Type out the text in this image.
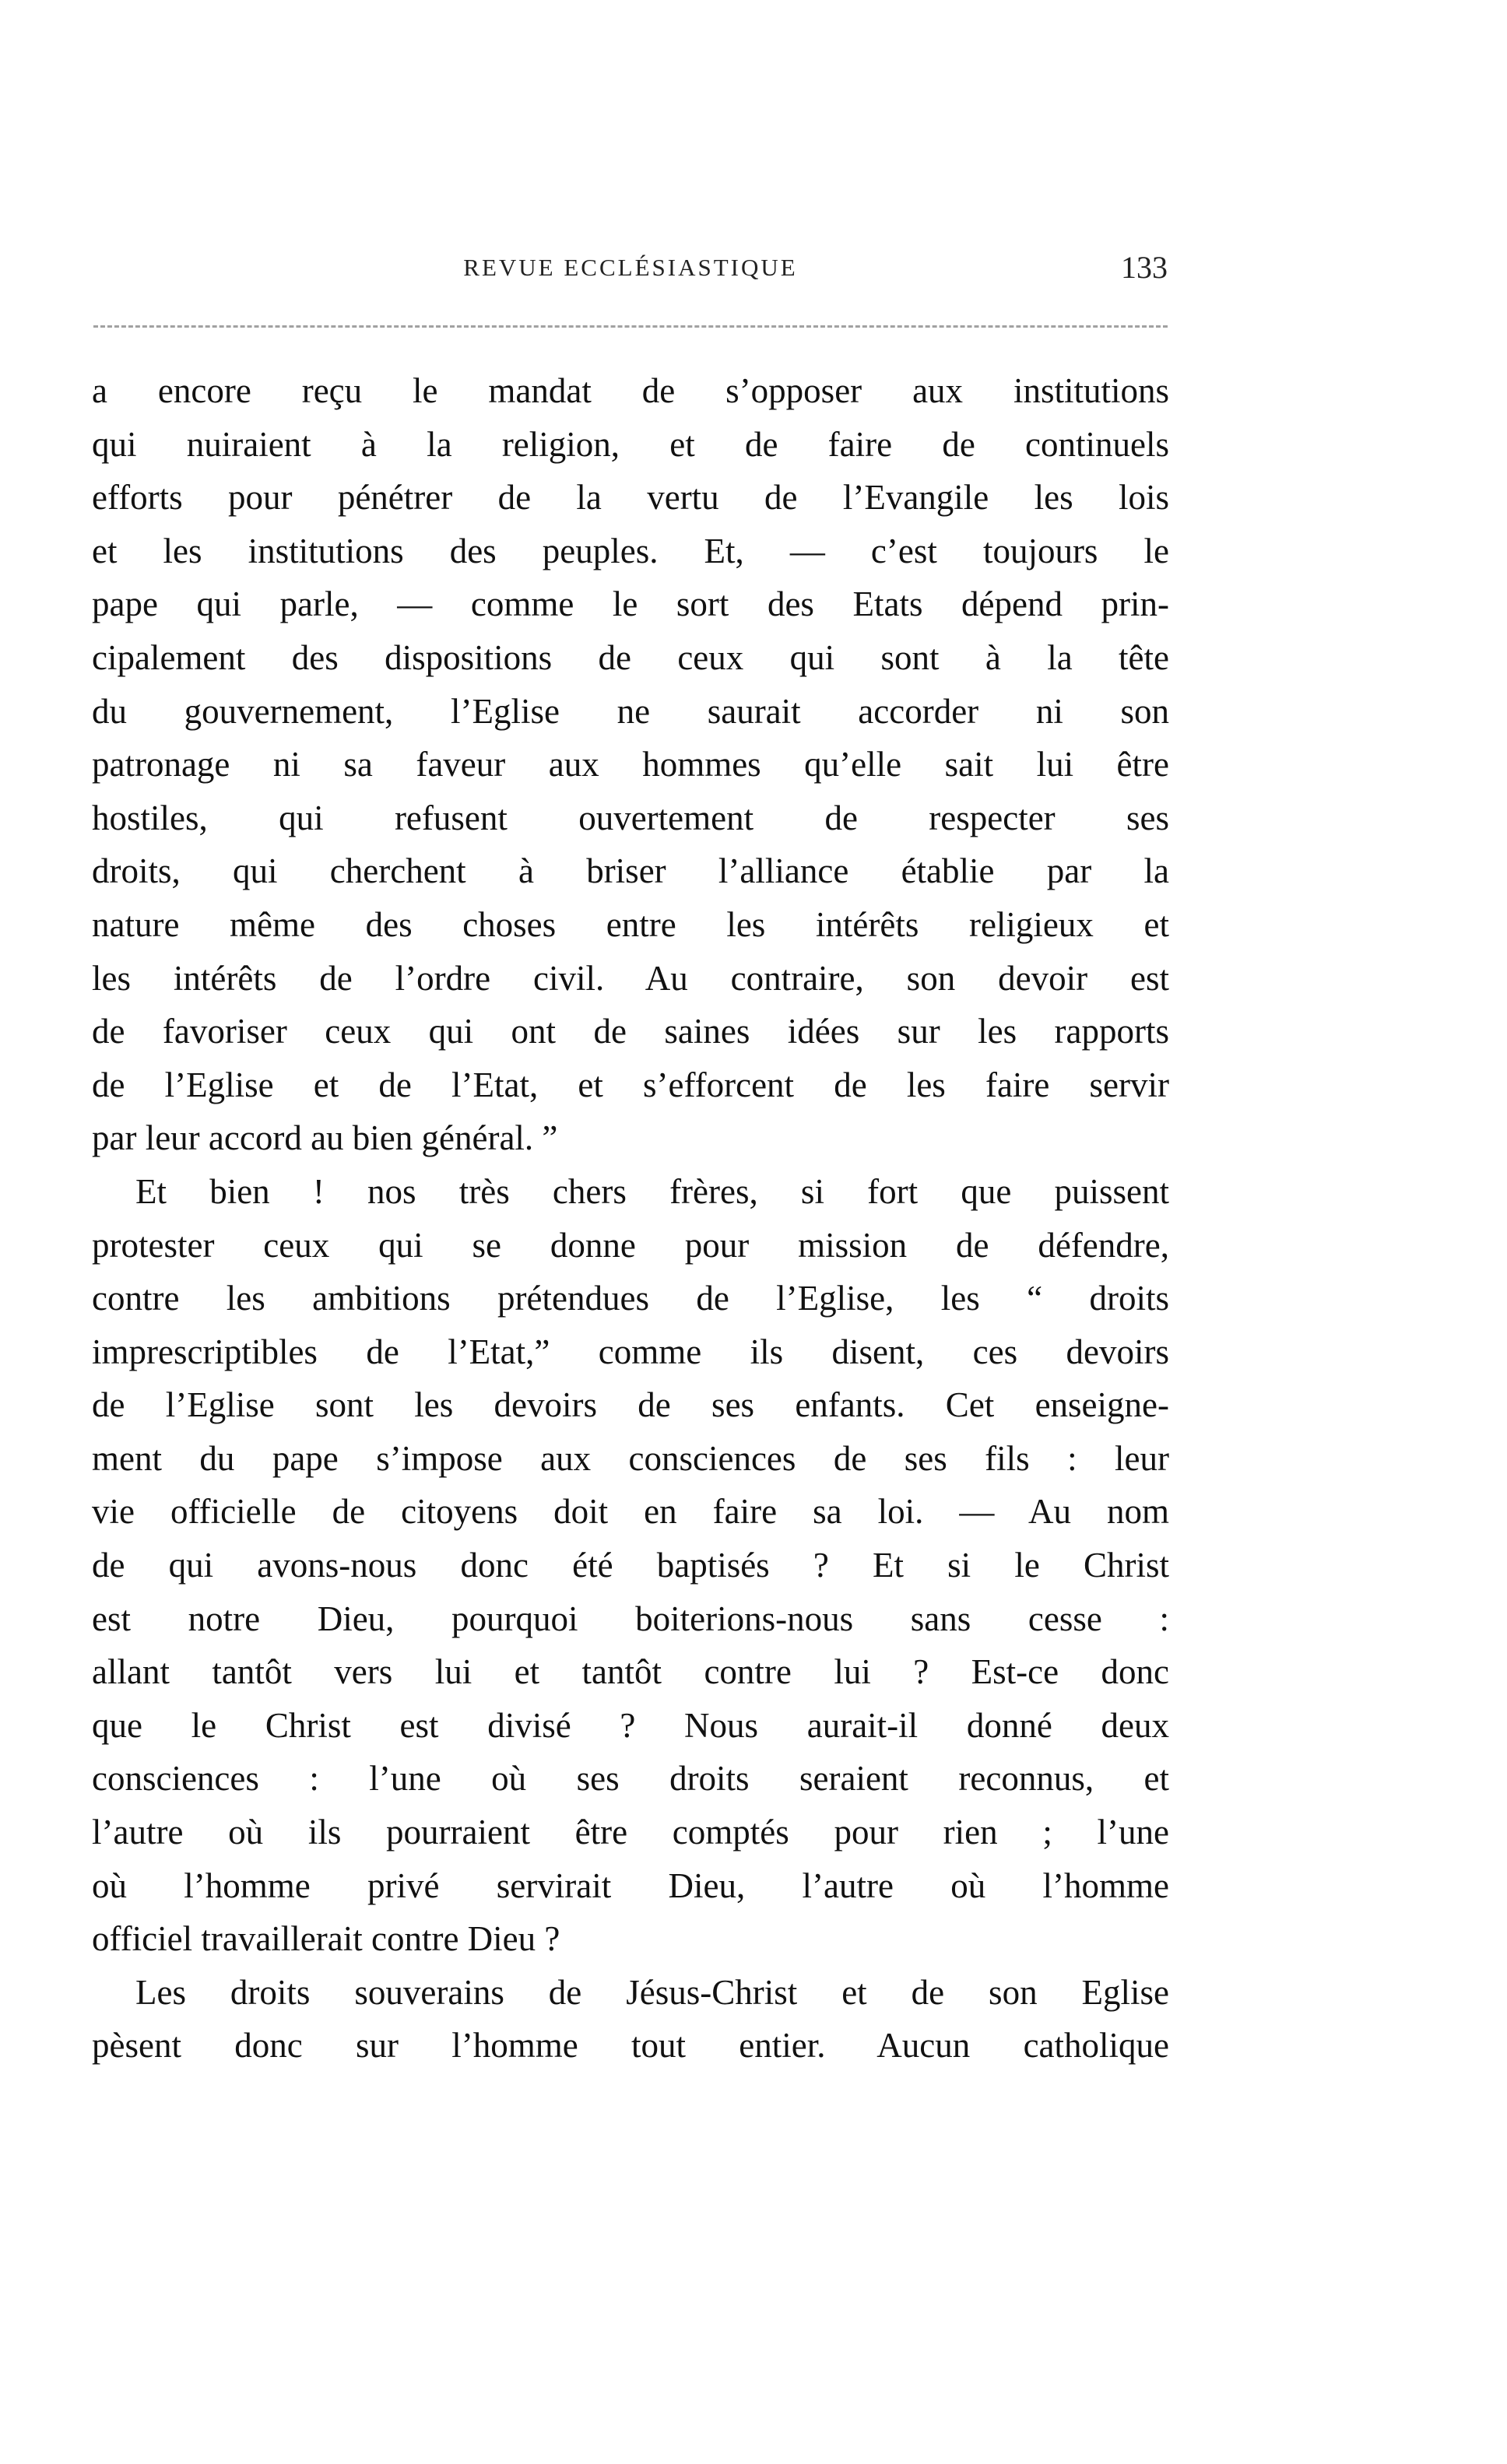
REVUE ECCLÉSIASTIQUE	133
a encore reçu le mandat de s’opposer aux institutions
qui nuiraient à la religion, et de faire de continuels
efforts pour pénétrer de la vertu de l’Evangile les lois
et les institutions des peuples. Et, — c’est toujours le
pape qui parle, — comme le sort des Etats dépend prin-
cipalement des dispositions de ceux qui sont à la tête
du gouvernement, l’Eglise ne saurait accorder ni son
patronage ni sa faveur aux hommes qu’elle sait lui être
hostiles, qui refusent ouvertement de respecter ses
droits, qui cherchent à briser l’alliance établie par la
nature même des choses entre les intérêts religieux et
les intérêts de l’ordre civil. Au contraire, son devoir est
de favoriser ceux qui ont de saines idées sur les rapports
de l’Eglise et de l’Etat, et s’efforcent de les faire servir
par leur accord au bien général. ”
Et bien ! nos très chers frères, si fort que puissent
protester ceux qui se donne pour mission de défendre,
contre les ambitions prétendues de l’Eglise, les “ droits
imprescriptibles de l’Etat,” comme ils disent, ces devoirs
de l’Eglise sont les devoirs de ses enfants. Cet enseigne-
ment du pape s’impose aux consciences de ses fils : leur
vie officielle de citoyens doit en faire sa loi. — Au nom
de qui avons-nous donc été baptisés ? Et si le Christ
est notre Dieu, pourquoi boiterions-nous sans cesse :
allant tantôt vers lui et tantôt contre lui ? Est-ce donc
que le Christ est divisé ? Nous aurait-il donné deux
consciences : l’une où ses droits seraient reconnus, et
l’autre où ils pourraient être comptés pour rien ; l’une
où l’homme privé servirait Dieu, l’autre où l’homme
officiel travaillerait contre Dieu ?
Les droits souverains de Jésus-Christ et de son Eglise
pèsent donc sur l’homme tout entier. Aucun catholique
